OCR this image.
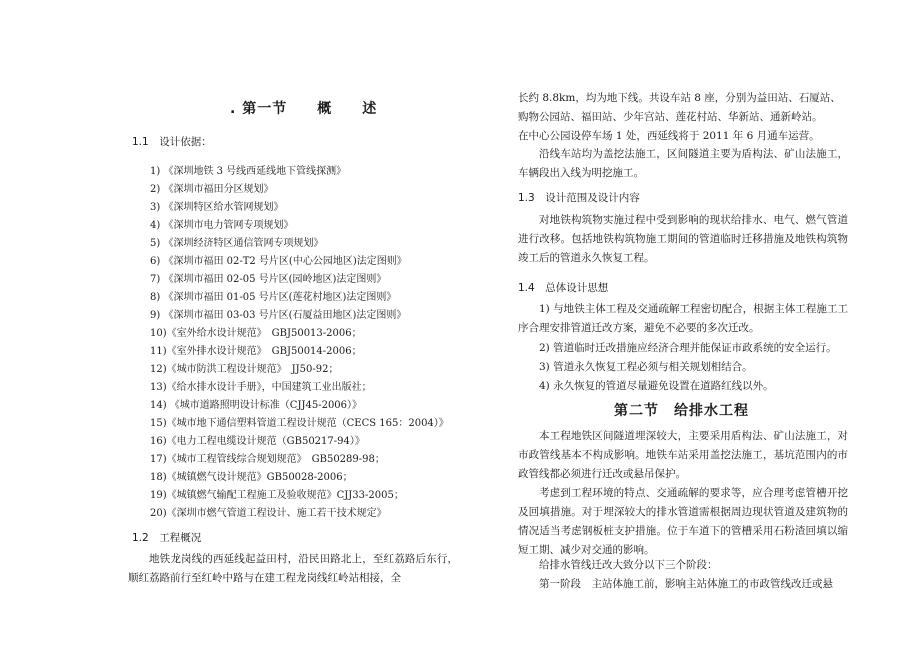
. 第一节　　概　　述
1.1　设计依据：
1) 《深圳地铁 3 号线西延线地下管线探测》
2) 《深圳市福田分区规划》
3) 《深圳特区给水管网规划》
4) 《深圳市电力管网专项规划》
5) 《深圳经济特区通信管网专项规划》
6) 《深圳市福田 02-T2 号片区(中心公园地区)法定图则》
7) 《深圳市福田 02-05 号片区(园岭地区)法定图则》
8) 《深圳市福田 01-05 号片区(莲花村地区)法定图则》
9) 《深圳市福田 03-03 号片区(石厦益田地区)法定图则》
10)《室外给水设计规范》　GBJ50013-2006；
11)《室外排水设计规范》　GBJ50014-2006；
12)《城市防洪工程设计规范》　JJ50-92；
13)《给水排水设计手册》，中国建筑工业出版社；
14) 《城市道路照明设计标准（CJJ45-2006）》
15)《城市地下通信塑料管道工程设计规范（CECS 165：2004）》
16)《电力工程电缆设计规范（GB50217-94）》
17)《城市工程管线综合规划规范》　GB50289-98；
18)《城镇燃气设计规范》GB50028-2006；
19)《城镇燃气输配工程施工及验收规范》CJJ33-2005；
20)《深圳市燃气管道工程设计、施工若干技术规定》
1.2　工程概况

地铁龙岗线的西延线起益田村，沿民田路北上，至红荔路后东行，顺红荔路前行至红岭中路与在建工程龙岗线红岭站相接，全

长约 8.8km，均为地下线。共设车站 8 座，分别为益田站、石厦站、
购物公园站、福田站、少年宫站、莲花村站、华新站、通新岭站。
在中心公园设停车场 1 处，西延线将于 2011 年 6 月通车运营。

沿线车站均为盖挖法施工，区间隧道主要为盾构法、矿山法施工，车辆段出入线为明挖施工。

1.3　设计范围及设计内容

对地铁构筑物实施过程中受到影响的现状给排水、电气、燃气管道进行改移。包括地铁构筑物施工期间的管道临时迁移措施及地铁构筑物竣工后的管道永久恢复工程。

1.4　总体设计思想

1) 与地铁主体工程及交通疏解工程密切配合，根据主体工程施工工序合理安排管道迁改方案，避免不必要的多次迁改。

2) 管道临时迁改措施应经济合理并能保证市政系统的安全运行。
3) 管道永久恢复工程必须与相关规划相结合。
4) 永久恢复的管道尽量避免设置在道路红线以外。
第二节　给排水工程

本工程地铁区间隧道埋深较大，主要采用盾构法、矿山法施工，对市政管线基本不构成影响。地铁车站采用盖挖法施工，基坑范围内的市政管线都必须进行迁改或悬吊保护。

考虑到工程环境的特点、交通疏解的要求等，应合理考虑管槽开挖及回填措施。对于埋深较大的排水管道需根据周边现状管道及建筑物的情况适当考虑钢板桩支护措施。位于车道下的管槽采用石粉渣回填以缩短工期、减少对交通的影响。

给排水管线迁改大致分以下三个阶段：
第一阶段　主站体施工前，影响主站体施工的市政管线改迁或悬
